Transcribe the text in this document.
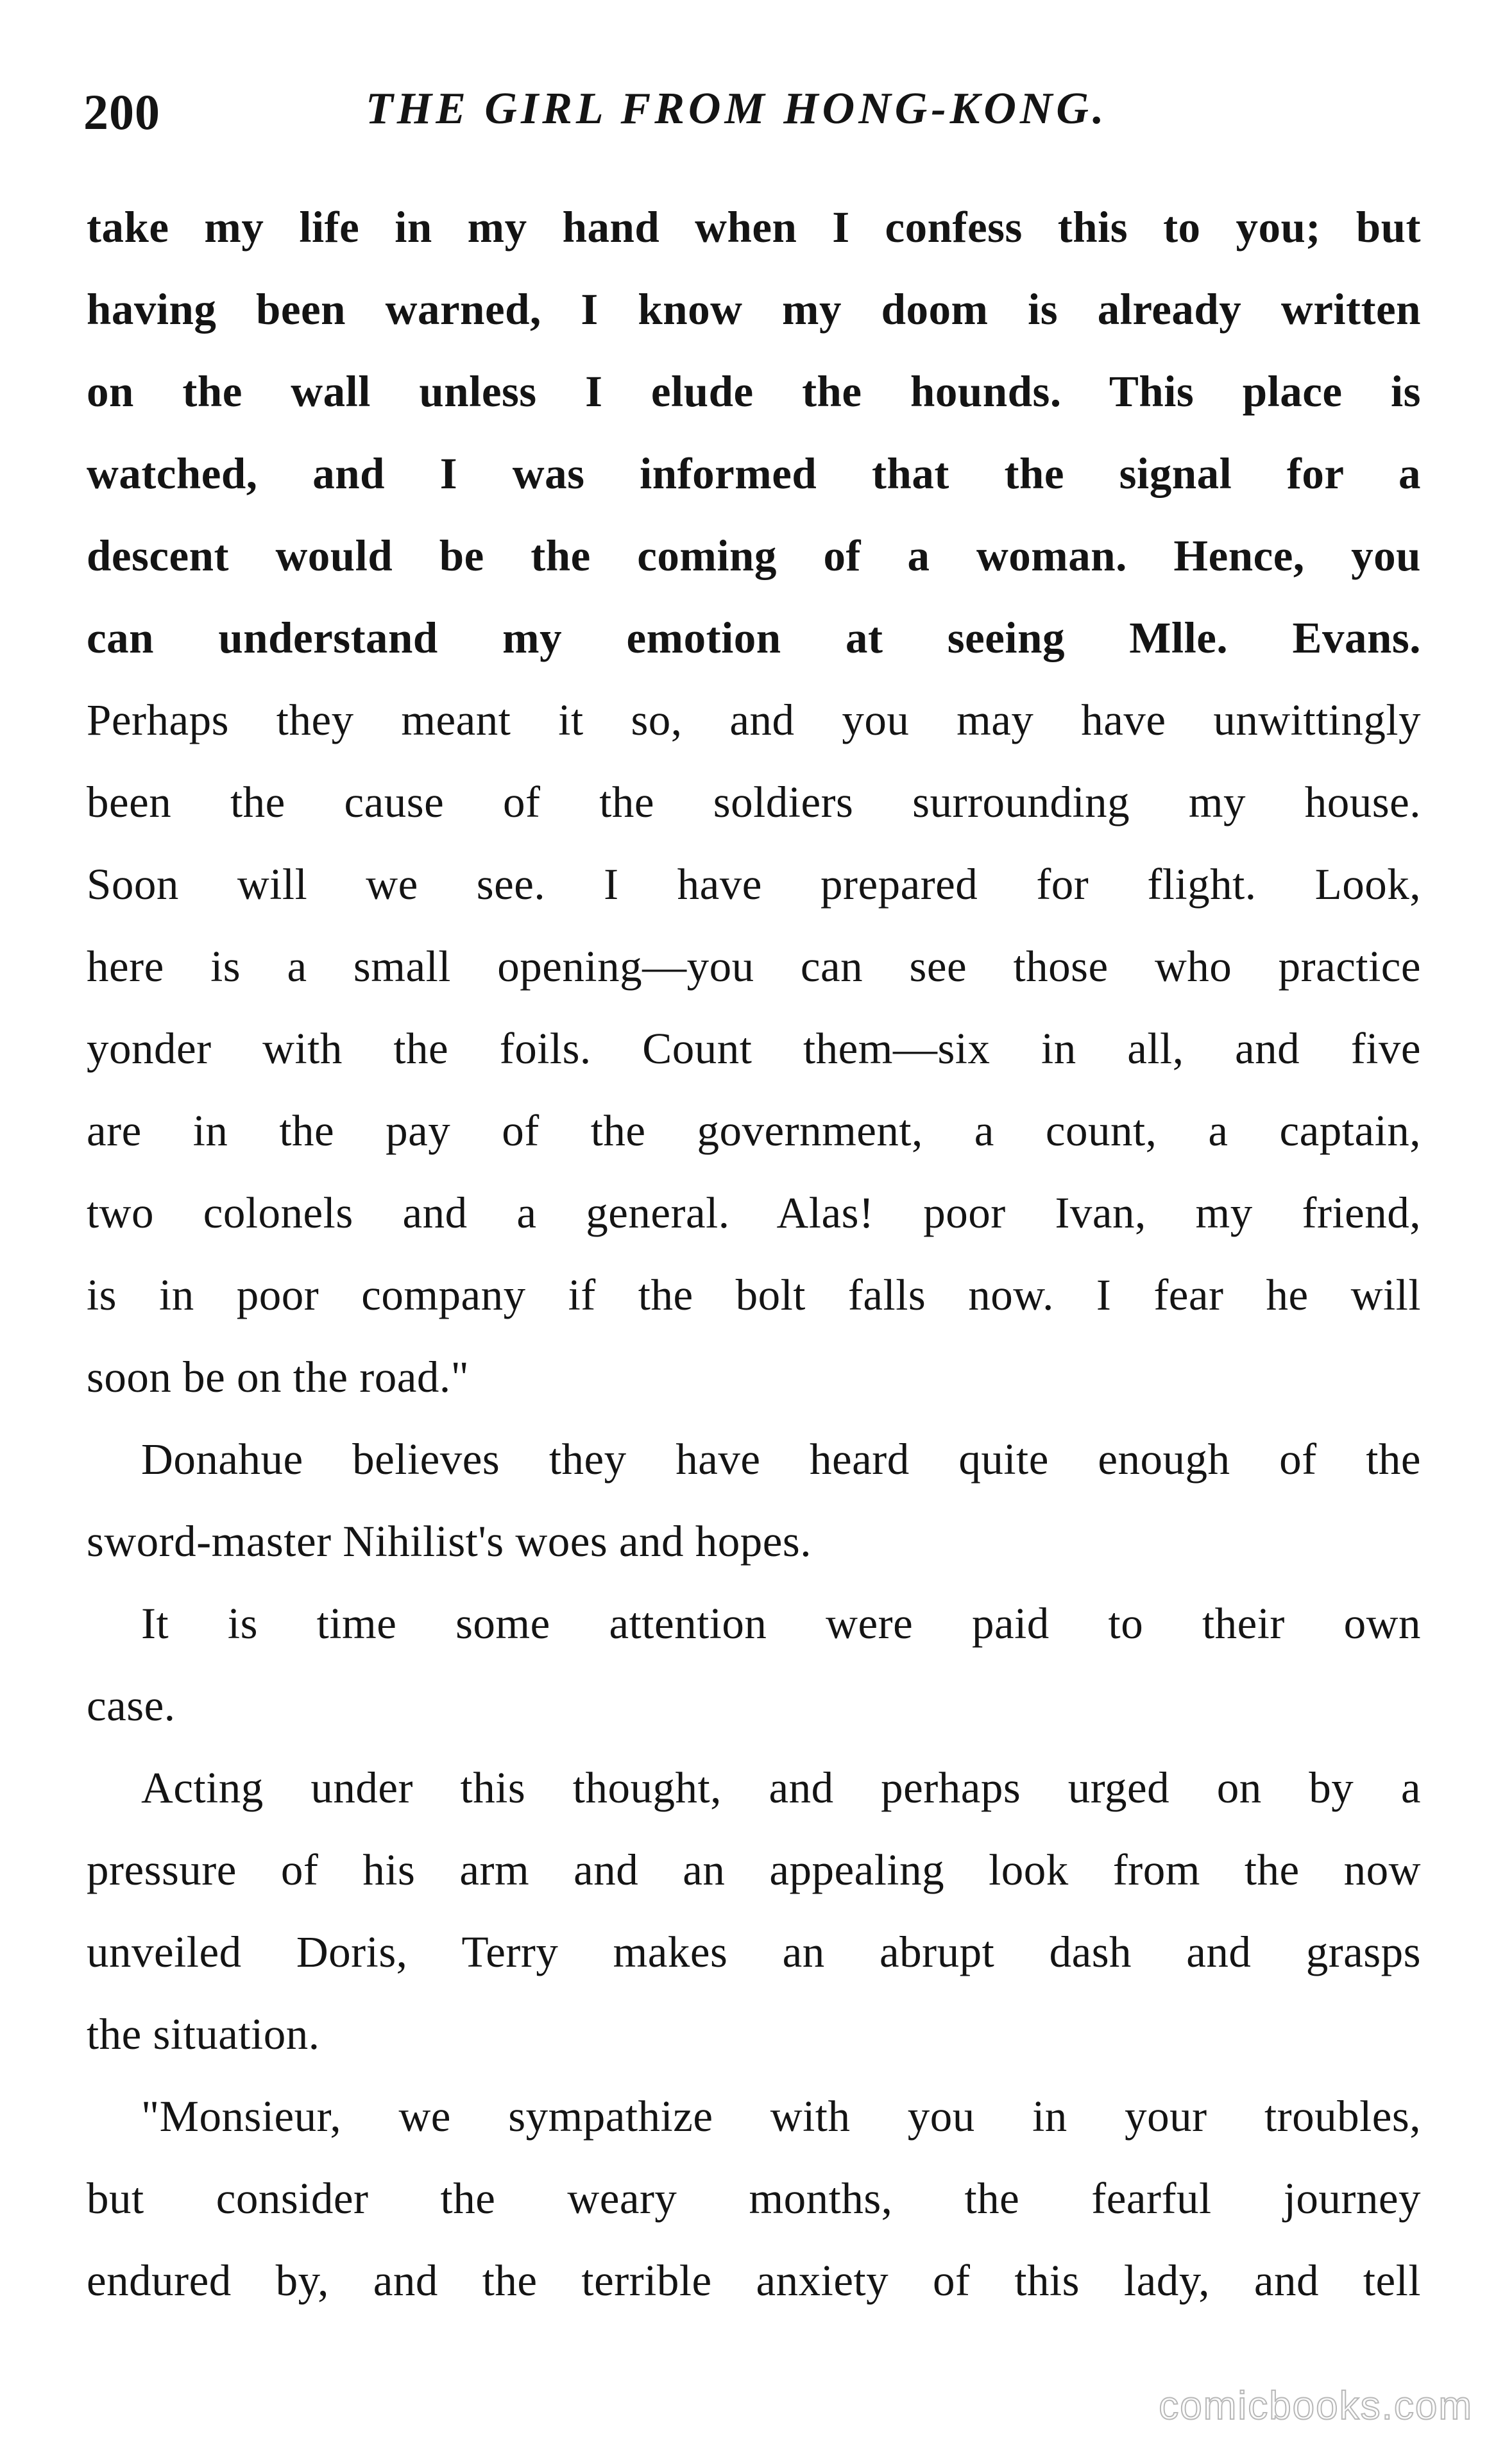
200	THE GIRL FROM HONG-KONG.
take my life in my hand when I confess this to you; but
having been warned, I know my doom is already written
on the wall unless I elude the hounds. This place is
watched, and I was informed that the signal for a
descent would be the coming of a woman. Hence, you
can understand my emotion at seeing Mlle. Evans.
Perhaps they meant it so, and you may have unwittingly
been the cause of the soldiers surrounding my house.
Soon will we see. I have prepared for flight. Look,
here is a small opening—you can see those who practice
yonder with the foils. Count them—six in all, and five
are in the pay of the government, a count, a captain,
two colonels and a general. Alas! poor Ivan, my friend,
is in poor company if the bolt falls now. I fear he will
soon be on the road."
Donahue believes they have heard quite enough of the
sword-master Nihilist's woes and hopes.
It is time some attention were paid to their own
case.
Acting under this thought, and perhaps urged on by a
pressure of his arm and an appealing look from the now
unveiled Doris, Terry makes an abrupt dash and grasps
the situation.
"Monsieur, we sympathize with you in your troubles,
but consider the weary months, the fearful journey
endured by, and the terrible anxiety of this lady, and tell
comicbooks.com
